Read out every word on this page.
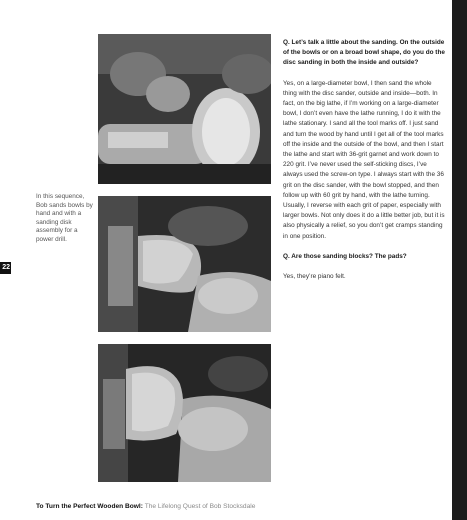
22
In this sequence, Bob sands bowls by hand and with a sanding disk assembly for a power drill.

Q. Let’s talk a little about the sanding. On the outside of the bowls or on a broad bowl shape, do you do the disc sanding in both the inside and outside?

Yes, on a large-diameter bowl, I then sand the whole thing with the disc sander, outside and inside—both. In fact, on the big lathe, if I’m working on a large-diameter bowl, I don’t even have the lathe running, I do it with the lathe stationary. I sand all the tool marks off. I just sand and turn the wood by hand until I get all of the tool marks off the inside and the outside of the bowl, and then I start the lathe and start with 36-grit garnet and work down to 220 grit. I’ve never used the self-sticking discs, I’ve always used the screw-on type. I always start with the 36 grit on the disc sander, with the bowl stopped, and then follow up with 60 grit by hand, with the lathe turning. Usually, I reverse with each grit of paper, especially with larger bowls. Not only does it do a little better job, but it is also physically a relief, so you don’t get cramps standing in one position.

Q. Are those sanding blocks? The pads?

Yes, they’re piano felt.

To Turn the Perfect Wooden Bowl: The Lifelong Quest of Bob Stocksdale
